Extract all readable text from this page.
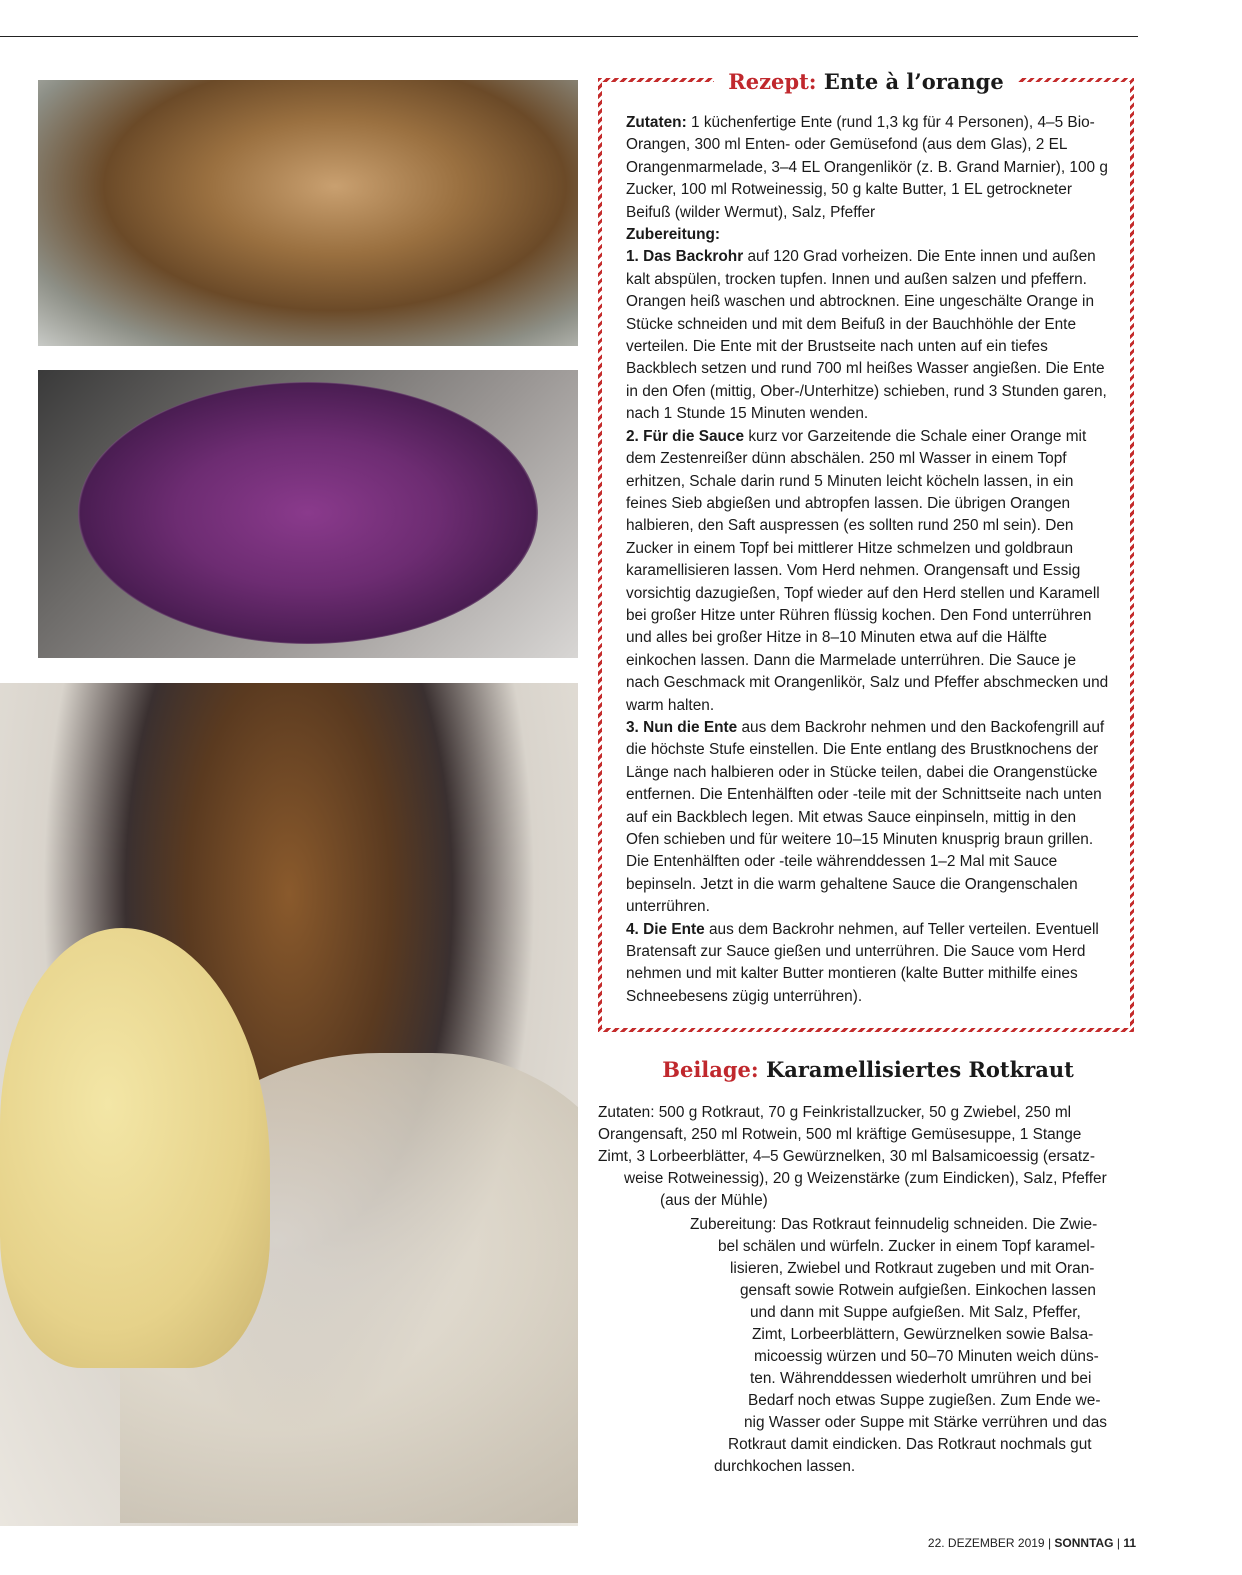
Rezept: Ente à l’orange

Zutaten: 1 küchenfertige Ente (rund 1,3 kg für 4 Personen), 4–5 Bio-Orangen, 300 ml Enten- oder Gemüsefond (aus dem Glas), 2 EL Orangenmarmelade, 3–4 EL Orangenlikör (z. B. Grand Marnier), 100 g Zucker, 100 ml Rotweinessig, 50 g kalte Butter, 1 EL getrockneter Beifuß (wilder Wermut), Salz, Pfeffer

Zubereitung:

1. Das Backrohr auf 120 Grad vorheizen. Die Ente innen und außen kalt abspülen, trocken tupfen. Innen und außen salzen und pfeffern. Orangen heiß waschen und abtrocknen. Eine ungeschälte Orange in Stücke schneiden und mit dem Beifuß in der Bauchhöhle der Ente verteilen. Die Ente mit der Brustseite nach unten auf ein tiefes Backblech setzen und rund 700 ml heißes Wasser angießen. Die Ente in den Ofen (mittig, Ober-/Unterhitze) schieben, rund 3 Stunden garen, nach 1 Stunde 15 Minuten wenden.

2. Für die Sauce kurz vor Garzeitende die Schale einer Orange mit dem Zestenreißer dünn abschälen. 250 ml Wasser in einem Topf erhitzen, Schale darin rund 5 Minuten leicht köcheln lassen, in ein feines Sieb abgießen und abtropfen lassen. Die übrigen Orangen halbieren, den Saft auspressen (es sollten rund 250 ml sein). Den Zucker in einem Topf bei mittlerer Hitze schmelzen und goldbraun karamellisieren lassen. Vom Herd nehmen. Orangensaft und Essig vorsichtig dazugießen, Topf wieder auf den Herd stellen und Karamell bei großer Hitze unter Rühren flüssig kochen. Den Fond unterrühren und alles bei großer Hitze in 8–10 Minuten etwa auf die Hälfte einkochen lassen. Dann die Marmelade unterrühren. Die Sauce je nach Geschmack mit Orangenlikör, Salz und Pfeffer abschmecken und warm halten.

3. Nun die Ente aus dem Backrohr nehmen und den Backofengrill auf die höchste Stufe einstellen. Die Ente entlang des Brustknochens der Länge nach halbieren oder in Stücke teilen, dabei die Orangenstücke entfernen. Die Entenhälften oder -teile mit der Schnittseite nach unten auf ein Backblech legen. Mit etwas Sauce einpinseln, mittig in den Ofen schieben und für weitere 10–15 Minuten knusprig braun grillen. Die Entenhälften oder -teile währenddessen 1–2 Mal mit Sauce bepinseln. Jetzt in die warm gehaltene Sauce die Orangenschalen unterrühren.

4. Die Ente aus dem Backrohr nehmen, auf Teller verteilen. Eventuell Bratensaft zur Sauce gießen und unterrühren. Die Sauce vom Herd nehmen und mit kalter Butter montieren (kalte Butter mithilfe eines Schneebesens zügig unterrühren).

Beilage: Karamellisiertes Rotkraut
Zutaten: 500 g Rotkraut, 70 g Feinkristallzucker, 50 g Zwiebel, 250 ml
Orangensaft, 250 ml Rotwein, 500 ml kräftige Gemüsesuppe, 1 Stange
Zimt, 3 Lorbeerblätter, 4–5 Gewürznelken, 30 ml Balsamicoessig (ersatz-
weise Rotweinessig), 20 g Weizenstärke (zum Eindicken), Salz, Pfeffer
(aus der Mühle)
Zubereitung: Das Rotkraut feinnudelig schneiden. Die Zwie-
bel schälen und würfeln. Zucker in einem Topf karamel-
lisieren, Zwiebel und Rotkraut zugeben und mit Oran-
gensaft sowie Rotwein aufgießen. Einkochen lassen
und dann mit Suppe aufgießen. Mit Salz, Pfeffer,
Zimt, Lorbeerblättern, Gewürznelken sowie Balsa-
micoessig würzen und 50–70 Minuten weich düns-
ten. Währenddessen wiederholt umrühren und bei
Bedarf noch etwas Suppe zugießen. Zum Ende we-
nig Wasser oder Suppe mit Stärke verrühren und das
Rotkraut damit eindicken. Das Rotkraut nochmals gut
durchkochen lassen.
22. DEZEMBER 2019 | SONNTAG | 11
